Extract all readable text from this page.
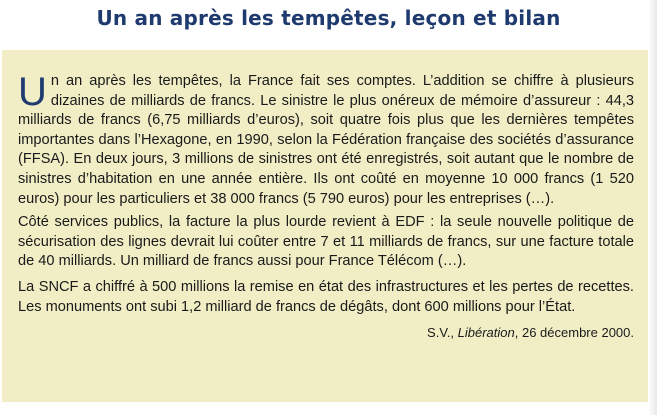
Un an après les tempêtes, leçon et bilan

Un an après les tempêtes, la France fait ses comptes. L’addition se chiffre à plusieurs dizaines de milliards de francs. Le sinistre le plus onéreux de mémoire d’assureur : 44,3 milliards de francs (6,75 milliards d’euros), soit quatre fois plus que les dernières tempêtes importantes dans l’Hexagone, en 1990, selon la Fédération française des sociétés d’assurance (FFSA). En deux jours, 3 millions de sinistres ont été enregistrés, soit autant que le nombre de sinistres d’habitation en une année entière. Ils ont coûté en moyenne 10 000 francs (1 520 euros) pour les particuliers et 38 000 francs (5 790 euros) pour les entreprises (…).

Côté services publics, la facture la plus lourde revient à EDF : la seule nouvelle politique de sécurisation des lignes devrait lui coûter entre 7 et 11 milliards de francs, sur une facture totale de 40 milliards. Un milliard de francs aussi pour France Télécom (…).

La SNCF a chiffré à 500 millions la remise en état des infrastructures et les pertes de recettes. Les monuments ont subi 1,2 milliard de francs de dégâts, dont 600 millions pour l’État.

S.V., Libération, 26 décembre 2000.
